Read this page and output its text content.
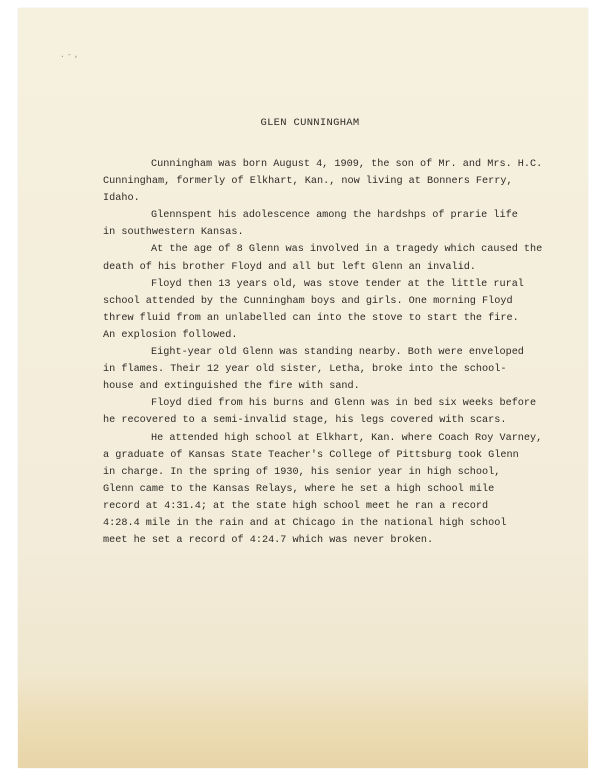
.-,
GLEN CUNNINGHAM
Cunningham was born August 4, 1909, the son of Mr. and Mrs. H.C.
Cunningham, formerly of Elkhart, Kan., now living at Bonners Ferry,
Idaho.
Glennspent his adolescence among the hardshps of prarie life
in southwestern Kansas.
At the age of 8 Glenn was involved in a tragedy which caused the
death of his brother Floyd and all but left Glenn an invalid.
Floyd then 13 years old, was stove tender at the little rural
school attended by the Cunningham boys and girls. One morning Floyd
threw fluid from an unlabelled can into the stove to start the fire.
An explosion followed.
Eight-year old Glenn was standing nearby. Both were enveloped
in flames. Their 12 year old sister, Letha, broke into the school-
house and extinguished the fire with sand.
Floyd died from his burns and Glenn was in bed six weeks before
he recovered to a semi-invalid stage, his legs covered with scars.
He attended high school at Elkhart, Kan. where Coach Roy Varney,
a graduate of Kansas State Teacher's College of Pittsburg took Glenn
in charge. In the spring of 1930, his senior year in high school,
Glenn came to the Kansas Relays, where he set a high school mile
record at 4:31.4; at the state high school meet he ran a record
4:28.4 mile in the rain and at Chicago in the national high school
meet he set a record of 4:24.7 which was never broken.
